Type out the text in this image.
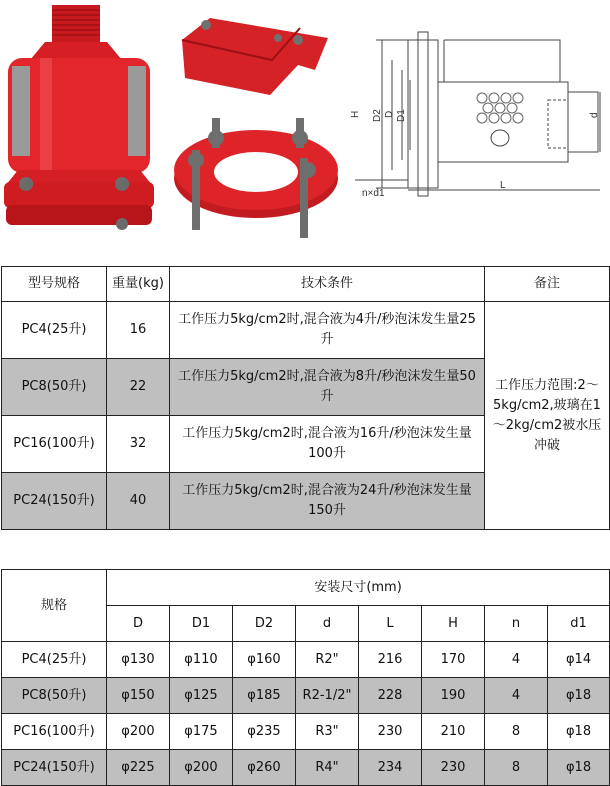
H D2 D D1	d
L
n×d1
型号规格	重量(kg)	技术条件	备注
PC4(25升)	16	工作压力5kg/cm2时,混合液为4升/秒泡沫发生量25升	工作压力范围:2～5kg/cm2,玻璃在1～2kg/cm2被水压冲破
PC8(50升)	22	工作压力5kg/cm2时,混合液为8升/秒泡沫发生量50升	
PC16(100升)	32	工作压力5kg/cm2时,混合液为16升/秒泡沫发生量100升	
PC24(150升)	40	工作压力5kg/cm2时,混合液为24升/秒泡沫发生量150升	
规格	安装尺寸(mm)							
	D	D1	D2	d	L	H	n	d1
PC4(25升)	φ130	φ110	φ160	R2"	216	170	4	φ14
PC8(50升)	φ150	φ125	φ185	R2-1/2"	228	190	4	φ18
PC16(100升)	φ200	φ175	φ235	R3"	230	210	8	φ18
PC24(150升)	φ225	φ200	φ260	R4"	234	230	8	φ18
